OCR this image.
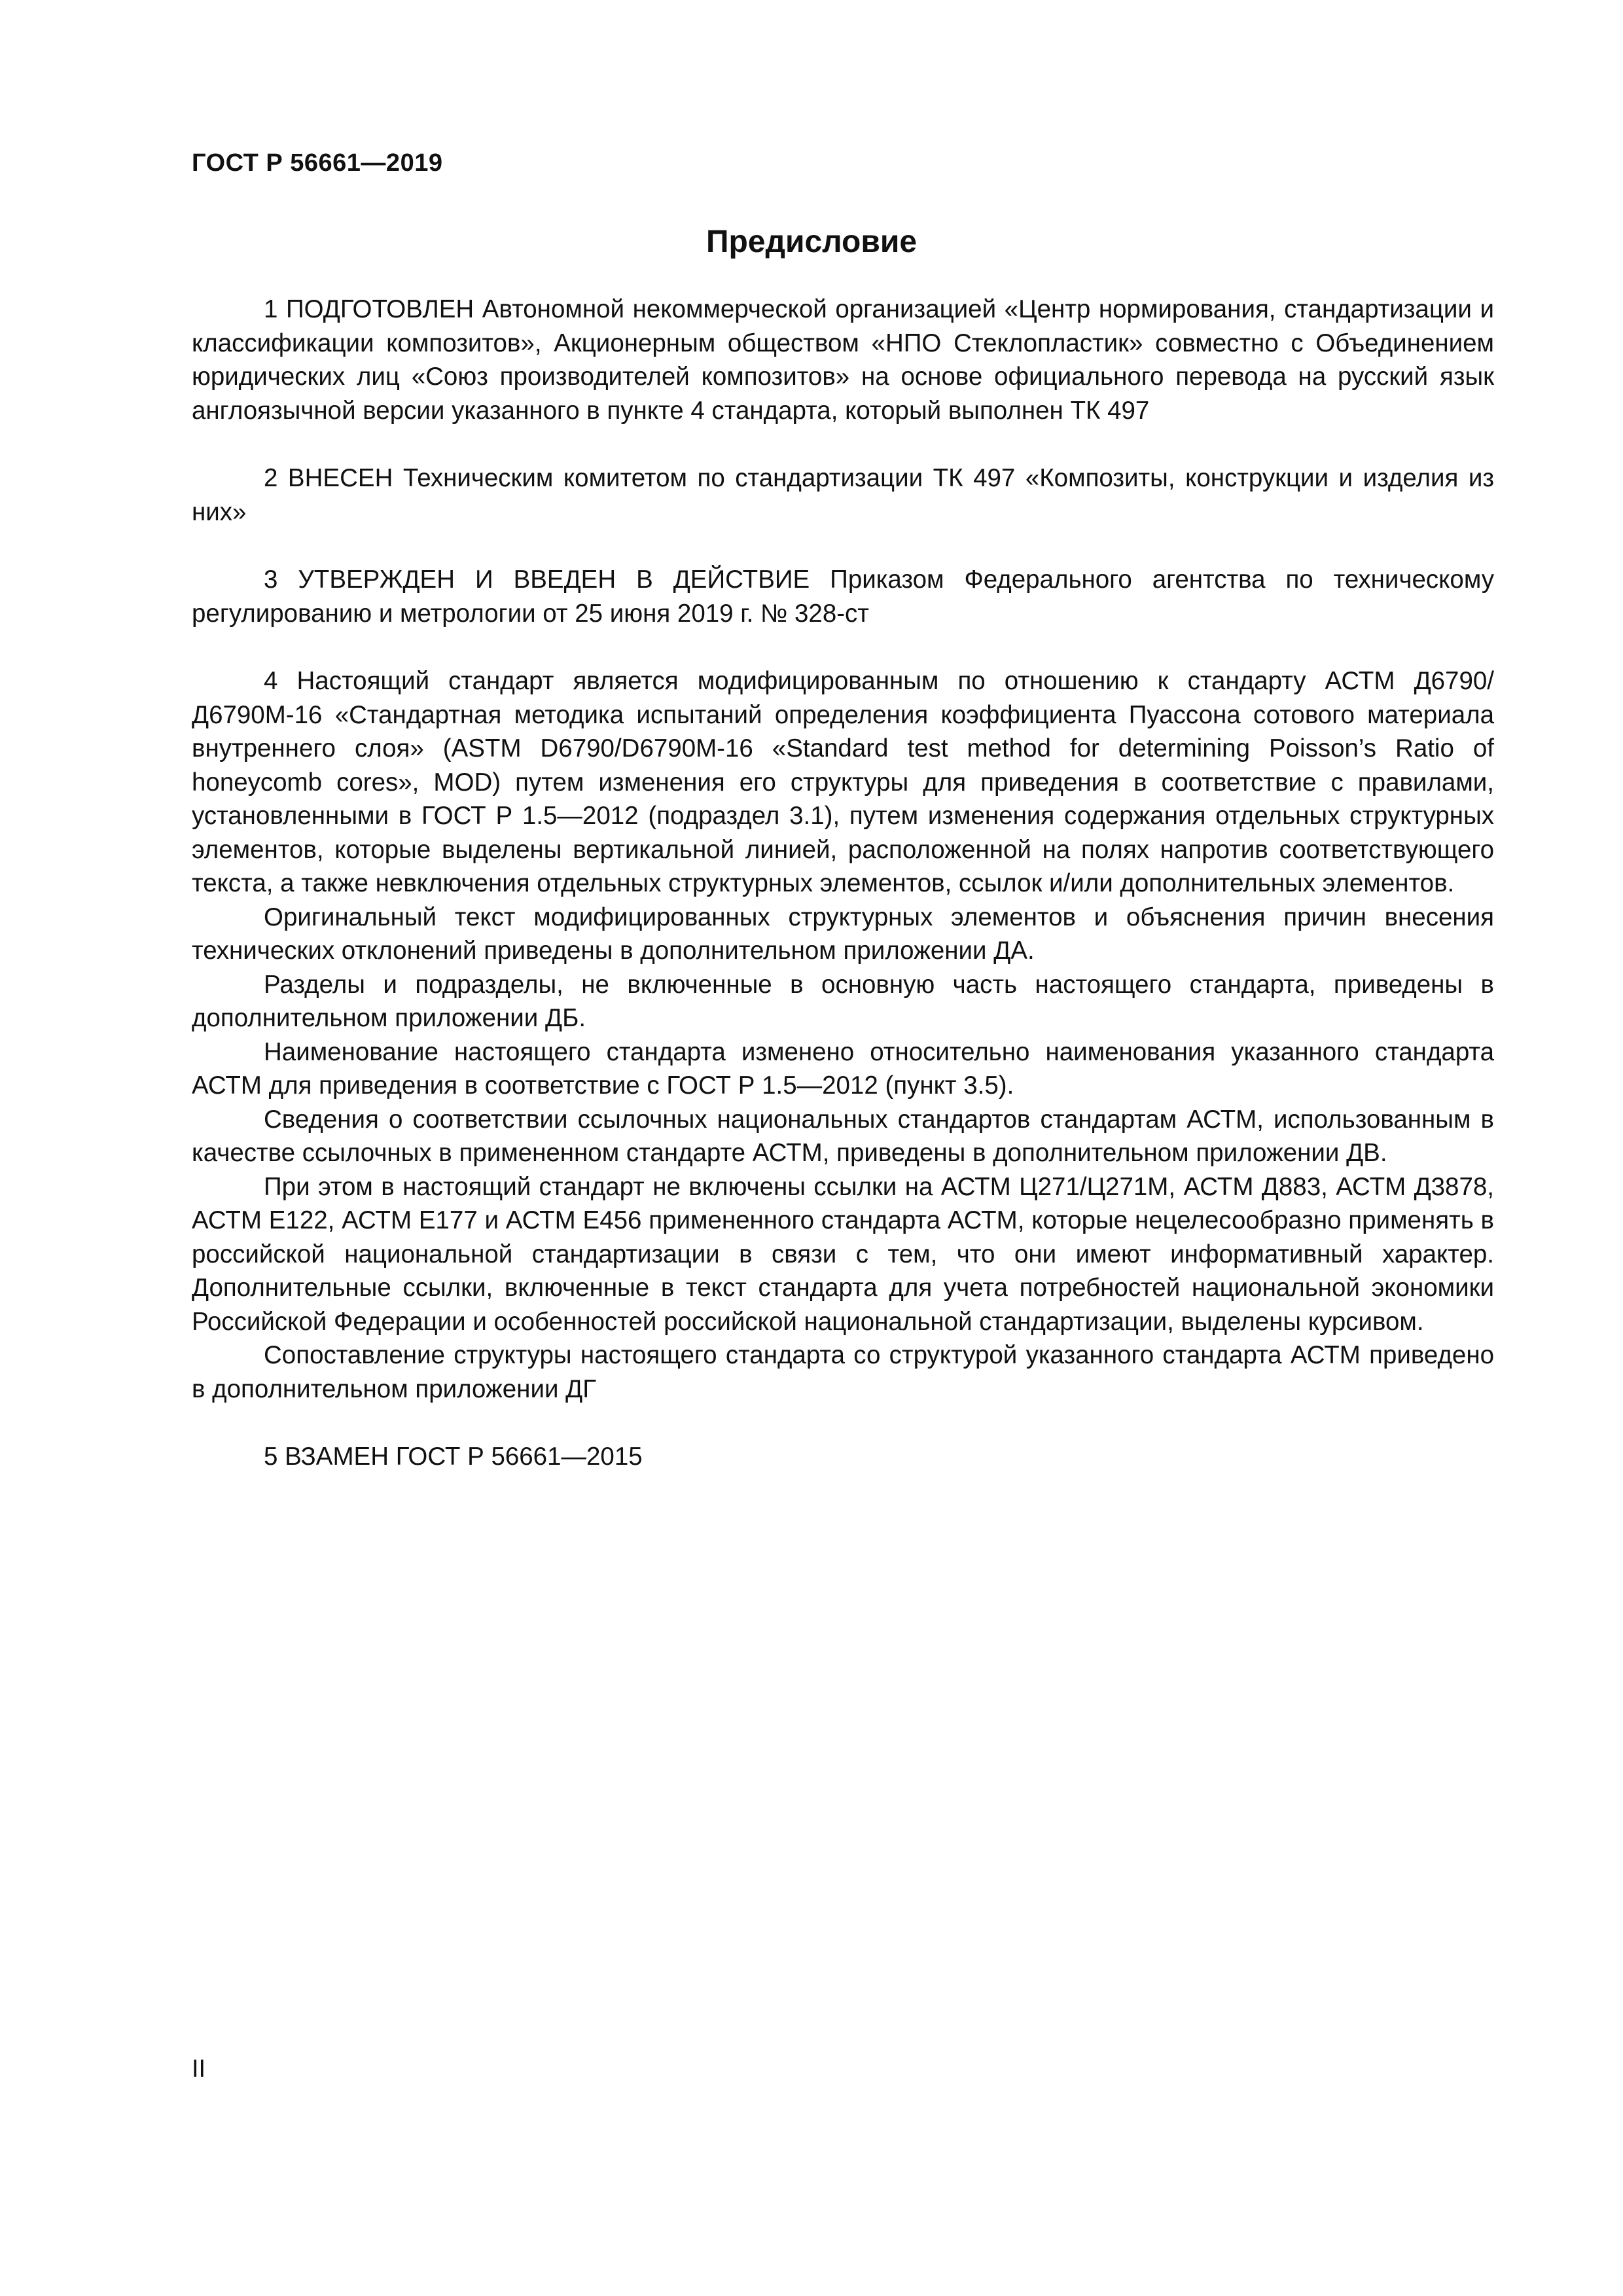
ГОСТ Р 56661—2019
Предисловие

1 ПОДГОТОВЛЕН Автономной некоммерческой организацией «Центр нормирования, стандартизации и классификации композитов», Акционерным обществом «НПО Стеклопластик» совместно с Объединением юридических лиц «Союз производителей композитов» на основе официального перевода на русский язык англоязычной версии указанного в пункте 4 стандарта, который выполнен ТК 497

2 ВНЕСЕН Техническим комитетом по стандартизации ТК 497 «Композиты, конструкции и изделия из них»

3 УТВЕРЖДЕН И ВВЕДЕН В ДЕЙСТВИЕ Приказом Федерального агентства по техническому регулированию и метрологии от 25 июня 2019 г. № 328-ст

4 Настоящий стандарт является модифицированным по отношению к стандарту АСТМ Д6790/Д6790М-16 «Стандартная методика испытаний определения коэффициента Пуассона сотового материала внутреннего слоя» (ASTM D6790/D6790M-16 «Standard test method for determining Poisson’s Ratio of honeycomb cores», MOD) путем изменения его структуры для приведения в соответствие с правилами, установленными в ГОСТ Р 1.5—2012 (подраздел 3.1), путем изменения содержания отдельных структурных элементов, которые выделены вертикальной линией, расположенной на полях напротив соответствующего текста, а также невключения отдельных структурных элементов, ссылок и/или дополнительных элементов.

Оригинальный текст модифицированных структурных элементов и объяснения причин внесения технических отклонений приведены в дополнительном приложении ДА.

Разделы и подразделы, не включенные в основную часть настоящего стандарта, приведены в дополнительном приложении ДБ.

Наименование настоящего стандарта изменено относительно наименования указанного стандарта АСТМ для приведения в соответствие с ГОСТ Р 1.5—2012 (пункт 3.5).

Сведения о соответствии ссылочных национальных стандартов стандартам АСТМ, использованным в качестве ссылочных в примененном стандарте АСТМ, приведены в дополнительном приложении ДВ.

При этом в настоящий стандарт не включены ссылки на АСТМ Ц271/Ц271М, АСТМ Д883, АСТМ Д3878, АСТМ Е122, АСТМ Е177 и АСТМ Е456 примененного стандарта АСТМ, которые нецелесообразно применять в российской национальной стандартизации в связи с тем, что они имеют информативный характер. Дополнительные ссылки, включенные в текст стандарта для учета потребностей национальной экономики Российской Федерации и особенностей российской национальной стандартизации, выделены курсивом.

Сопоставление структуры настоящего стандарта со структурой указанного стандарта АСТМ приведено в дополнительном приложении ДГ

5 ВЗАМЕН ГОСТ Р 56661—2015

II
